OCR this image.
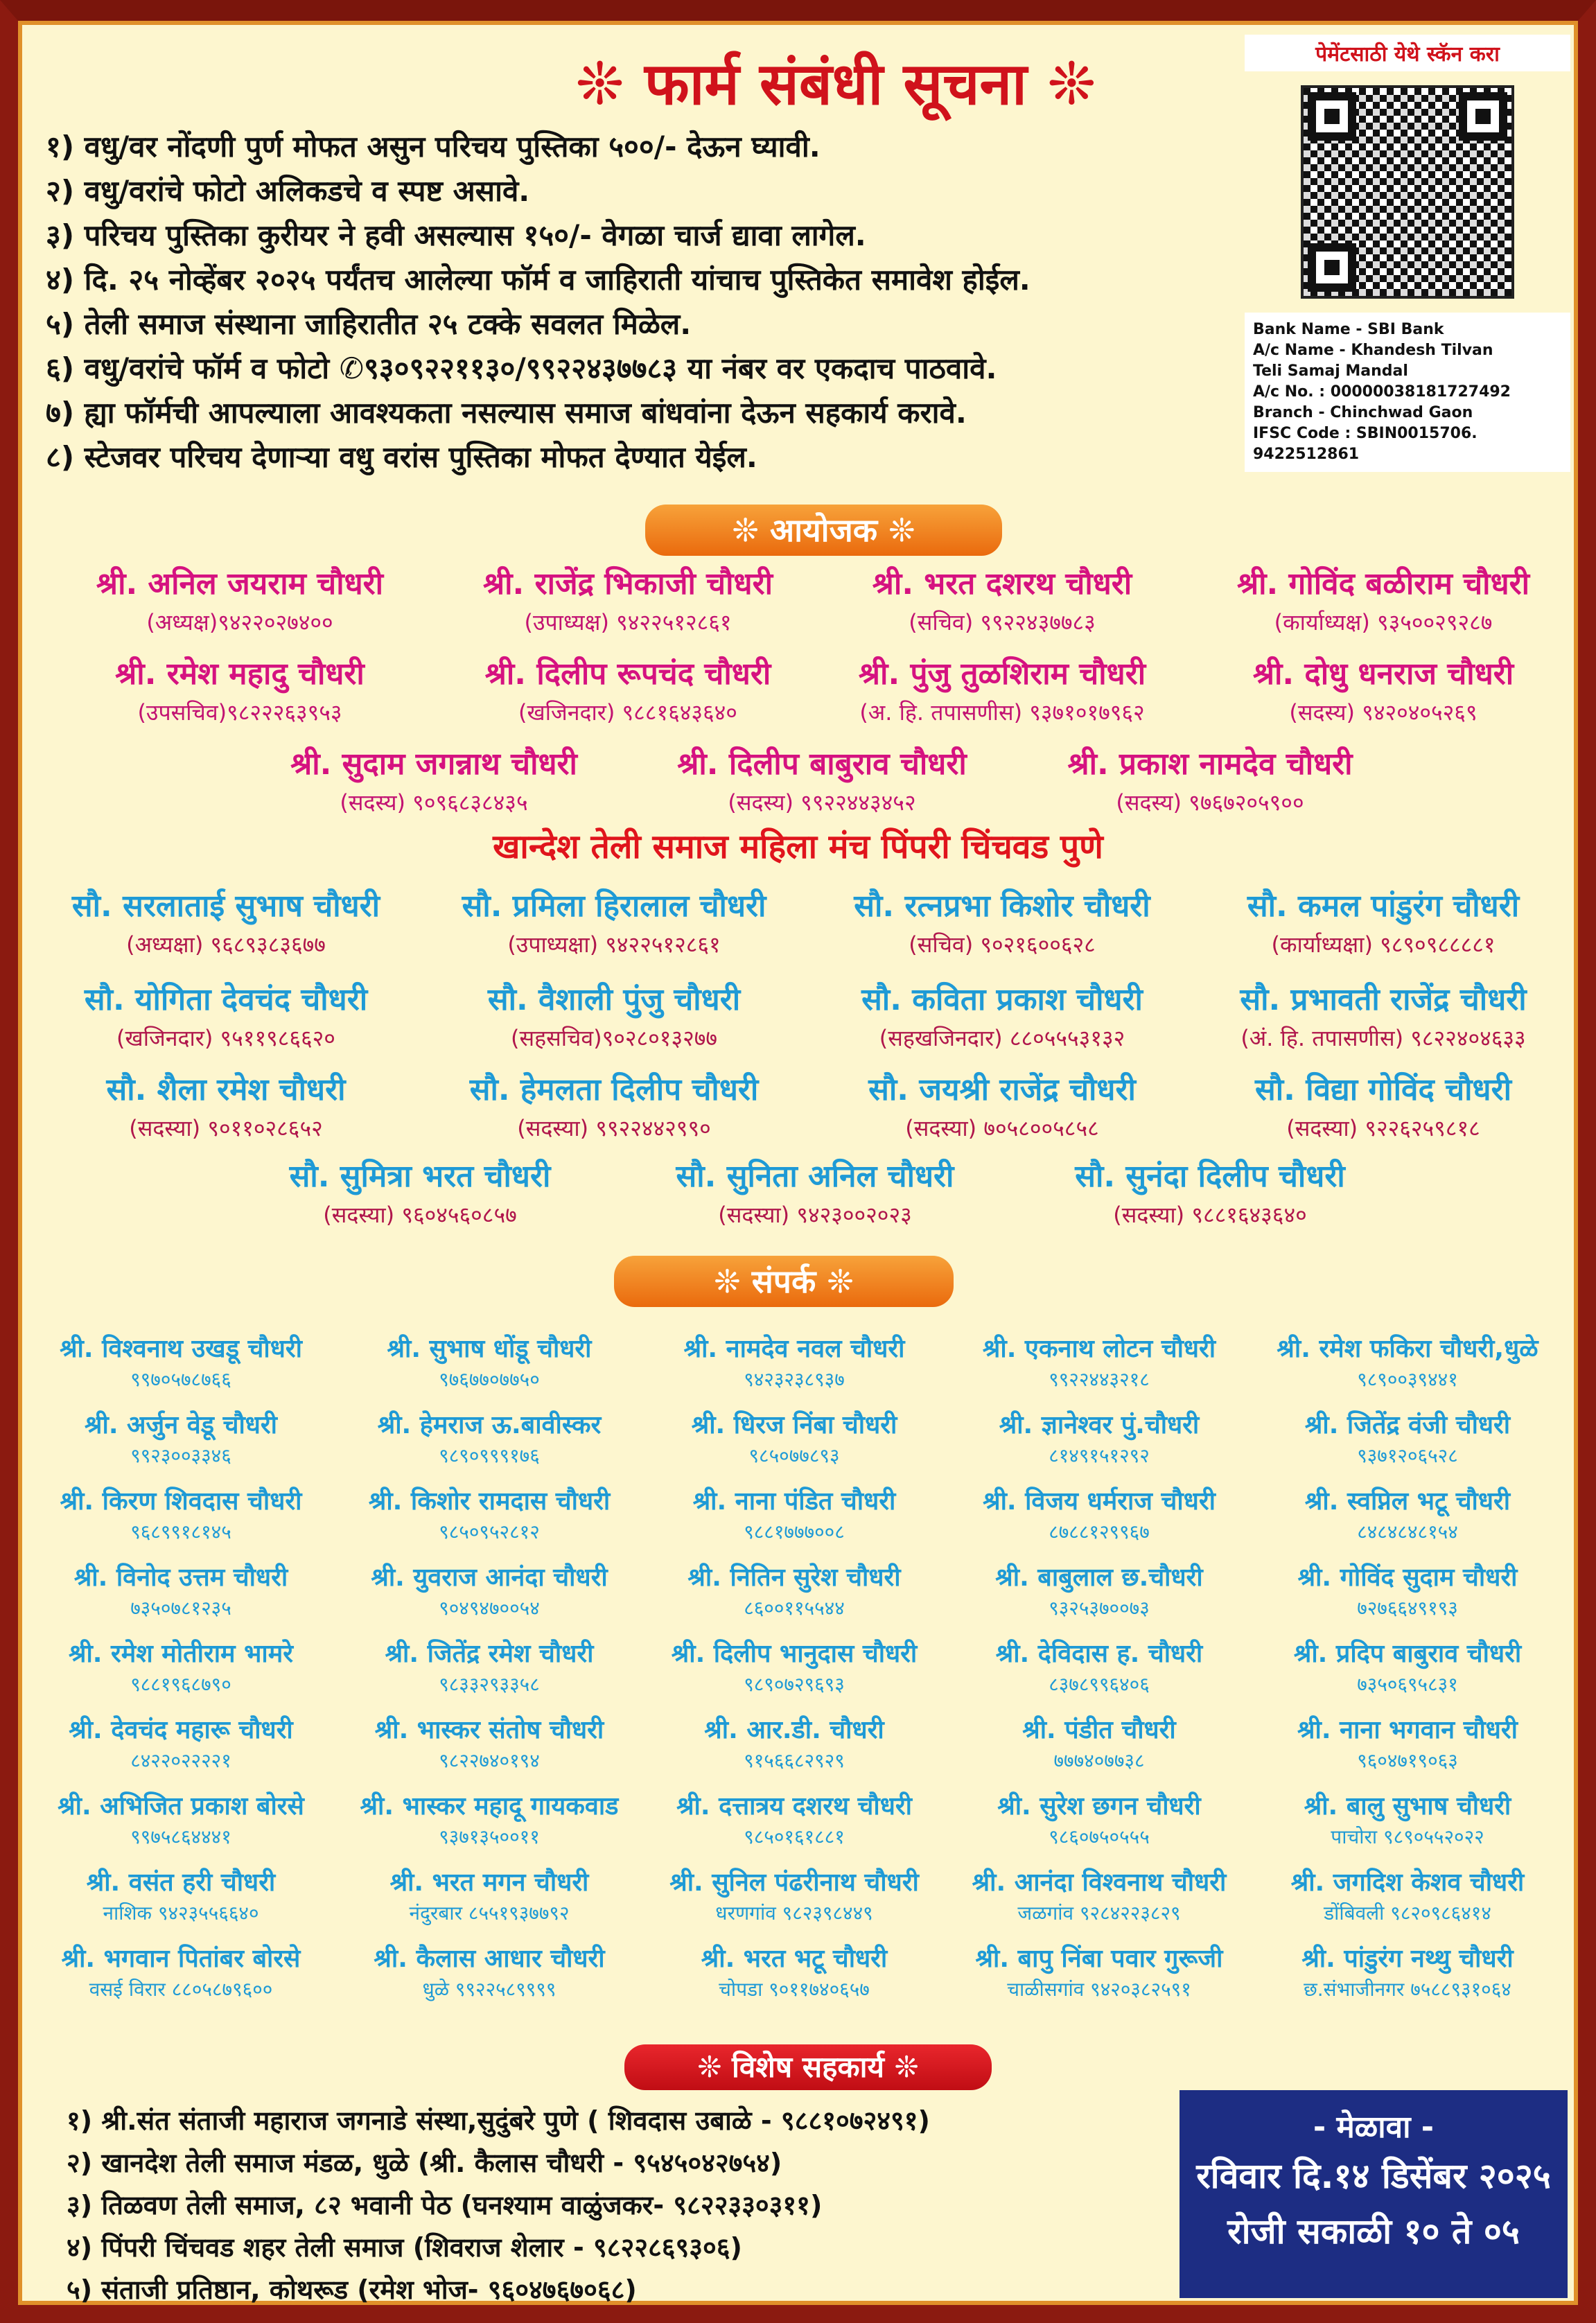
❊ फार्म संबंधी सूचना ❊
१) वधु/वर नोंदणी पुर्ण मोफत असुन परिचय पुस्तिका ५००/- देऊन घ्यावी.
२) वधु/वरांचे फोटो अलिकडचे व स्पष्ट असावे.
३) परिचय पुस्तिका कुरीयर ने हवी असल्यास १५०/- वेगळा चार्ज द्यावा लागेल.
४) दि. २५ नोव्हेंबर २०२५ पर्यंतच आलेल्या फॉर्म व जाहिराती यांचाच पुस्तिकेत समावेश होईल.
५) तेली समाज संस्थाना जाहिरातीत २५ टक्के सवलत मिळेल.
६) वधु/वरांचे फॉर्म व फोटो ✆९३०९२२११३०/९९२२४३७७८३ या नंबर वर एकदाच पाठवावे.
७) ह्या फॉर्मची आपल्याला आवश्यकता नसल्यास समाज बांधवांना देऊन सहकार्य करावे.
८) स्टेजवर परिचय देणाऱ्या वधु वरांस पुस्तिका मोफत देण्यात येईल.
पेमेंटसाठी येथे स्कॅन करा
Bank Name - SBI Bank
A/c Name - Khandesh Tilvan
Teli Samaj Mandal
A/c No. : 00000038181727492
Branch - Chinchwad Gaon
IFSC Code : SBIN0015706.
9422512861
❊ आयोजक ❊
श्री. अनिल जयराम चौधरी
(अध्यक्ष)९४२२०२७४००
श्री. राजेंद्र भिकाजी चौधरी
(उपाध्यक्ष) ९४२२५१२८६१
श्री. भरत दशरथ चौधरी
(सचिव) ९९२२४३७७८३
श्री. गोविंद बळीराम चौधरी
(कार्याध्यक्ष) ९३५००२९२८७
श्री. रमेश महादु चौधरी
(उपसचिव)९८२२२६३९५३
श्री. दिलीप रूपचंद चौधरी
(खजिनदार) ९८८१६४३६४०
श्री. पुंजु तुळशिराम चौधरी
(अ. हि. तपासणीस) ९३७१०१७९६२
श्री. दोधु धनराज चौधरी
(सदस्य) ९४२०४०५२६९
श्री. सुदाम जगन्नाथ चौधरी
(सदस्य) ९०९६८३८४३५
श्री. दिलीप बाबुराव चौधरी
(सदस्य) ९९२२४४३४५२
श्री. प्रकाश नामदेव चौधरी
(सदस्य) ९७६७२०५९००
खान्देश तेली समाज महिला मंच पिंपरी चिंचवड पुणे
सौ. सरलाताई सुभाष चौधरी
(अध्यक्षा) ९६८९३८३६७७
सौ. प्रमिला हिरालाल चौधरी
(उपाध्यक्षा) ९४२२५१२८६१
सौ. रत्नप्रभा किशोर चौधरी
(सचिव) ९०२१६००६२८
सौ. कमल पांडुरंग चौधरी
(कार्याध्यक्षा) ९८९०९८८८८१
सौ. योगिता देवचंद चौधरी
(खजिनदार) ९५११९८६६२०
सौ. वैशाली पुंजु चौधरी
(सहसचिव)९०२८०१३२७७
सौ. कविता प्रकाश चौधरी
(सहखजिनदार) ८८०५५५३१३२
सौ. प्रभावती राजेंद्र चौधरी
(अं. हि. तपासणीस) ९८२२४०४६३३
सौ. शैला रमेश चौधरी
(सदस्या) ९०११०२८६५२
सौ. हेमलता दिलीप चौधरी
(सदस्या) ९९२२४४२९९०
सौ. जयश्री राजेंद्र चौधरी
(सदस्या) ७०५८००५८५८
सौ. विद्या गोविंद चौधरी
(सदस्या) ९२२६२५९८१८
सौ. सुमित्रा भरत चौधरी
(सदस्या) ९६०४५६०८५७
सौ. सुनिता अनिल चौधरी
(सदस्या) ९४२३००२०२३
सौ. सुनंदा दिलीप चौधरी
(सदस्या) ९८८१६४३६४०
❊ संपर्क ❊
श्री. विश्वनाथ उखडू चौधरी
९९७०५७८७६६
श्री. सुभाष धोंडू चौधरी
९७६७७०७७५०
श्री. नामदेव नवल चौधरी
९४२३२३८९३७
श्री. एकनाथ लोटन चौधरी
९९२२४४३२१८
श्री. रमेश फकिरा चौधरी,धुळे
९८९००३९४४१
श्री. अर्जुन वेडू चौधरी
९९२३००३३४६
श्री. हेमराज ऊ.बावीस्कर
९८९०९९९१७६
श्री. धिरज निंबा चौधरी
९८५०७७८९३
श्री. ज्ञानेश्वर पुं.चौधरी
८१४९१५१२९२
श्री. जितेंद्र वंजी चौधरी
९३७१२०६५२८
श्री. किरण शिवदास चौधरी
९६८९९१८१४५
श्री. किशोर रामदास चौधरी
९८५०९५२८१२
श्री. नाना पंडित चौधरी
९८८१७७७००८
श्री. विजय धर्मराज चौधरी
८७८८१२९९६७
श्री. स्वप्निल भटू चौधरी
८४८४८४८१५४
श्री. विनोद उत्तम चौधरी
७३५०७८१२३५
श्री. युवराज आनंदा चौधरी
९०४९४७००५४
श्री. नितिन सुरेश चौधरी
८६००११५५४४
श्री. बाबुलाल छ.चौधरी
९३२५३७००७३
श्री. गोविंद सुदाम चौधरी
७२७६६४९१९३
श्री. रमेश मोतीराम भामरे
९८८१९६८७९०
श्री. जितेंद्र रमेश चौधरी
९८३३२९३३५८
श्री. दिलीप भानुदास चौधरी
९८९०७२९६९३
श्री. देविदास ह. चौधरी
८३७८९९६४०६
श्री. प्रदिप बाबुराव चौधरी
७३५०६९५८३१
श्री. देवचंद महारू चौधरी
८४२२०२२२२१
श्री. भास्कर संतोष चौधरी
९८२२७४०१९४
श्री. आर.डी. चौधरी
९१५६६८२९२९
श्री. पंडीत चौधरी
७७७४०७७३८
श्री. नाना भगवान चौधरी
९६०४७१९०६३
श्री. अभिजित प्रकाश बोरसे
९९७५८६४४४१
श्री. भास्कर महादू गायकवाड
९३७१३५००११
श्री. दत्तात्रय दशरथ चौधरी
९८५०१६१८८१
श्री. सुरेश छगन चौधरी
९८६०७५०५५५
श्री. बालु सुभाष चौधरी
पाचोरा ९८९०५५२०२२
श्री. वसंत हरी चौधरी
नाशिक ९४२३५५६६४०
श्री. भरत मगन चौधरी
नंदुरबार ८५५१९३७७९२
श्री. सुनिल पंढरीनाथ चौधरी
धरणगांव ९८२३९८४४९
श्री. आनंदा विश्वनाथ चौधरी
जळगांव ९२८४२२३८२९
श्री. जगदिश केशव चौधरी
डोंबिवली ९८२०९८६४१४
श्री. भगवान पितांबर बोरसे
वसई विरार ८८०५८७९६००
श्री. कैलास आधार चौधरी
धुळे ९९२२५८९९९९
श्री. भरत भटू चौधरी
चोपडा ९०११७४०६५७
श्री. बापु निंबा पवार गुरूजी
चाळीसगांव ९४२०३८२५९१
श्री. पांडुरंग नथ्थु चौधरी
छ.संभाजीनगर ७५८८९३१०६४
❊ विशेष सहकार्य ❊
१) श्री.संत संताजी महाराज जगनाडे संस्था,सुदुंबरे पुणे ( शिवदास उबाळे - ९८८१०७२४९१)
२) खानदेश तेली समाज मंडळ, धुळे (श्री. कैलास चौधरी - ९५४५०४२७५४)
३) तिळवण तेली समाज, ८२ भवानी पेठ (घनश्याम वाळुंजकर- ९८२२३३०३११)
४) पिंपरी चिंचवड शहर तेली समाज (शिवराज शेलार - ९८२२८६९३०६)
५) संताजी प्रतिष्ठान, कोथरूड (रमेश भोज- ९६०४७६७०६८)
- मेळावा -
रविवार दि.१४ डिसेंबर २०२५
रोजी सकाळी १० ते ०५
